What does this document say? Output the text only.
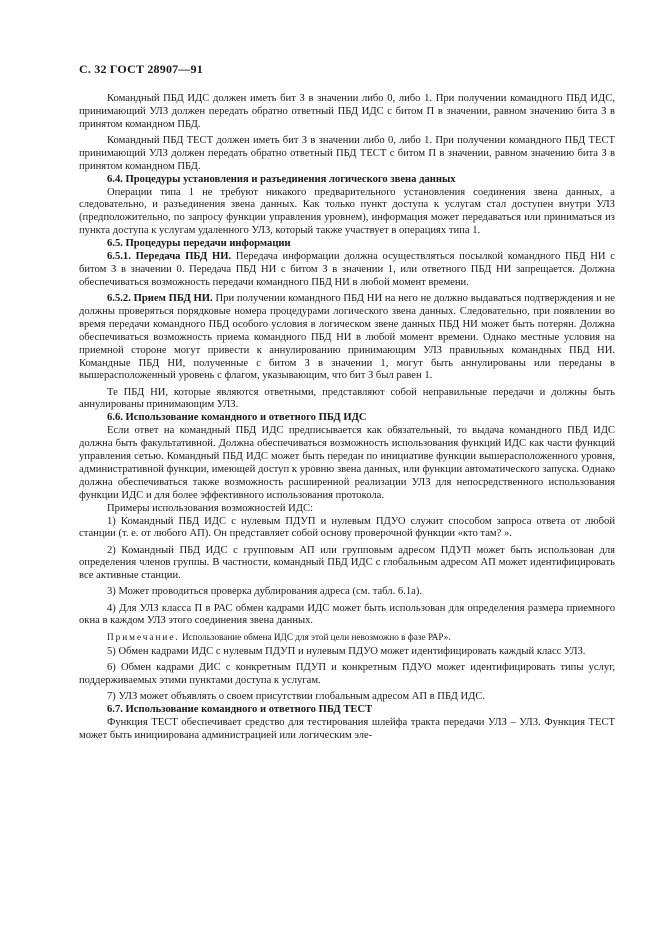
С. 32 ГОСТ 28907—91

Командный ПБД ИДС должен иметь бит З в значении либо 0, либо 1. При получении командного ПБД ИДС, принимающий УЛЗ должен передать обратно ответный ПБД ИДС с битом П в значении, равном значению бита З в принятом командном ПБД.

Командный ПБД ТЕСТ должен иметь бит З в значении либо 0, либо 1. При получении командного ПБД ТЕСТ принимающий УЛЗ должен передать обратно ответный ПБД ТЕСТ с битом П в значении, равном значению бита З в принятом командном ПБД.

6.4. Процедуры установления и разъединения логического звена данных

Операции типа 1 не требуют никакого предварительного установления соединения звена данных, а следовательно, и разъединения звена данных. Как только пункт доступа к услугам стал доступен внутри УЛЗ (предположительно, по запросу функции управления уровнем), информация может передаваться или приниматься из пункта доступа к услугам удаленного УЛЗ, который также участвует в операциях типа 1.

6.5. Процедуры передачи информации

6.5.1. Передача ПБД НИ. Передача информации должна осуществляться посылкой командного ПБД НИ с битом З в значении 0. Передача ПБД НИ с битом З в значении 1, или ответного ПБД НИ запрещается. Должна обеспечиваться возможность передачи командного ПБД НИ в любой момент времени.

6.5.2. Прием ПБД НИ. При получении командного ПБД НИ на него не должно выдаваться подтверждения и не должны проверяться порядковые номера процедурами логического звена данных. Следовательно, при появлении во время передачи командного ПБД особого условия в логическом звене данных ПБД НИ может быть потерян. Должна обеспечиваться возможность приема командного ПБД НИ в любой момент времени. Однако местные условия на приемной стороне могут привести к аннулированию принимающим УЛЗ правильных командных ПБД НИ. Командные ПБД НИ, полученные с битом З в значении 1, могут быть аннулированы или переданы в вышерасположенный уровень с флагом, указывающим, что бит З был равен 1.

Те ПБД НИ, которые являются ответными, представляют собой неправильные передачи и должны быть аннулированы принимающим УЛЗ.

6.6. Использование командного и ответного ПБД ИДС

Если ответ на командный ПБД ИДС предписывается как обязательный, то выдача командного ПБД ИДС должна быть факультативной. Должна обеспечиваться возможность использования функций ИДС как части функций управления сетью. Командный ПБД ИДС может быть передан по инициативе функции вышерасположенного уровня, административной функции, имеющей доступ к уровню звена данных, или функции автоматического запуска. Однако должна обеспечиваться также возможность расширенной реализации УЛЗ для непосредственного использования функции ИДС и для более эффективного использования протокола.

Примеры использования возможностей ИДС:

1) Командный ПБД ИДС с нулевым ПДУП и нулевым ПДУО служит способом запроса ответа от любой станции (т. е. от любого АП). Он представляет собой основу проверочной функции «кто там? ».

2) Командный ПБД ИДС с групповым АП или групповым адресом ПДУП может быть использован для определения членов группы. В частности, командный ПБД ИДС с глобальным адресом АП может идентифицировать все активные станции.

3) Может проводиться проверка дублирования адреса (см. табл. 6.1а).

4) Для УЛЗ класса П в РАС обмен кадрами ИДС может быть использован для определения размера приемного окна в каждом УЛЗ этого соединения звена данных.

Примечание. Использование обмена ИДС для этой цели невозможно в фазе РАР».

5) Обмен кадрами ИДС с нулевым ПДУП и нулевым ПДУО может идентифицировать каждый класс УЛЗ.

6) Обмен кадрами ДИС с конкретным ПДУП и конкретным ПДУО может идентифицировать типы услуг, поддерживаемых этими пунктами доступа к услугам.

7) УЛЗ может объявлять о своем присутствии глобальным адресом АП в ПБД ИДС.

6.7. Использование командного и ответного ПБД ТЕСТ

Функция ТЕСТ обеспечивает средство для тестирования шлейфа тракта передачи УЛЗ – УЛЗ. Функция ТЕСТ может быть инициирована администрацией или логическим эле-
